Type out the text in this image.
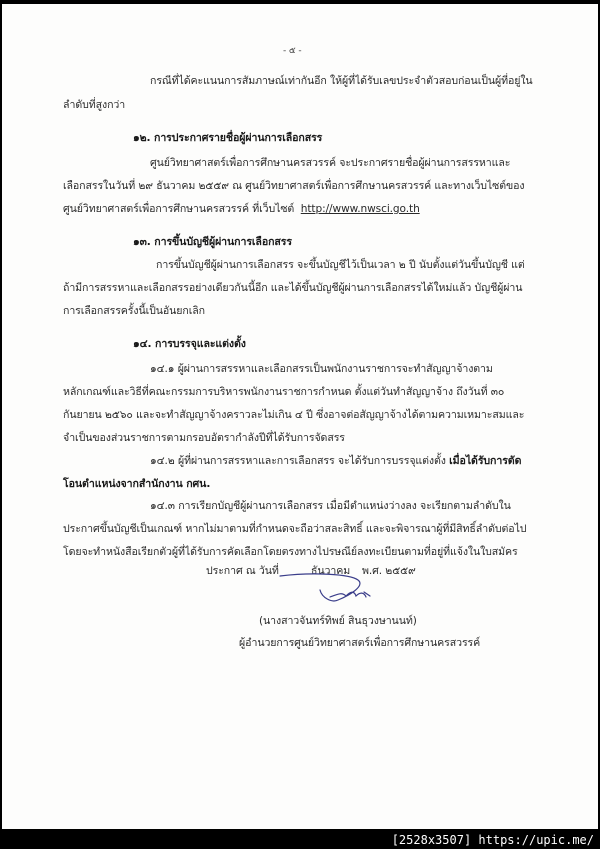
- ๕ -
กรณีที่ได้คะแนนการสัมภาษณ์เท่ากันอีก ให้ผู้ที่ได้รับเลขประจำตัวสอบก่อนเป็นผู้ที่อยู่ใน
ลำดับที่สูงกว่า
๑๒. การประกาศรายชื่อผู้ผ่านการเลือกสรร
ศูนย์วิทยาศาสตร์เพื่อการศึกษานครสวรรค์ จะประกาศรายชื่อผู้ผ่านการสรรหาและ
เลือกสรรในวันที่ ๒๙ ธันวาคม ๒๕๕๙ ณ ศูนย์วิทยาศาสตร์เพื่อการศึกษานครสวรรค์ และทางเว็บไซต์ของ
ศูนย์วิทยาศาสตร์เพื่อการศึกษานครสวรรค์ ที่เว็บไซต์ http://www.nwsci.go.th
๑๓. การขึ้นบัญชีผู้ผ่านการเลือกสรร
การขึ้นบัญชีผู้ผ่านการเลือกสรร จะขึ้นบัญชีไว้เป็นเวลา ๒ ปี นับตั้งแต่วันขึ้นบัญชี แต่
ถ้ามีการสรรหาและเลือกสรรอย่างเดียวกันนี้อีก และได้ขึ้นบัญชีผู้ผ่านการเลือกสรรได้ใหม่แล้ว บัญชีผู้ผ่าน
การเลือกสรรครั้งนี้เป็นอันยกเลิก
๑๔. การบรรจุและแต่งตั้ง
๑๔.๑ ผู้ผ่านการสรรหาและเลือกสรรเป็นพนักงานราชการจะทำสัญญาจ้างตาม
หลักเกณฑ์และวิธีที่คณะกรรมการบริหารพนักงานราชการกำหนด ตั้งแต่วันทำสัญญาจ้าง ถึงวันที่ ๓๐
กันยายน ๒๕๖๐ และจะทำสัญญาจ้างคราวละไม่เกิน ๔ ปี ซึ่งอาจต่อสัญญาจ้างได้ตามความเหมาะสมและ
จำเป็นของส่วนราชการตามกรอบอัตรากำลังปีที่ได้รับการจัดสรร
๑๔.๒ ผู้ที่ผ่านการสรรหาและการเลือกสรร จะได้รับการบรรจุแต่งตั้ง เมื่อได้รับการตัด
โอนตำแหน่งจากสำนักงาน กศน.
๑๔.๓ การเรียกบัญชีผู้ผ่านการเลือกสรร เมื่อมีตำแหน่งว่างลง จะเรียกตามลำดับใน
ประกาศขึ้นบัญชีเป็นเกณฑ์ หากไม่มาตามที่กำหนดจะถือว่าสละสิทธิ์ และจะพิจารณาผู้ที่มีสิทธิ์ลำดับต่อไป
โดยจะทำหนังสือเรียกตัวผู้ที่ได้รับการคัดเลือกโดยตรงทางไปรษณีย์ลงทะเบียนตามที่อยู่ที่แจ้งในใบสมัคร
ประกาศ ณ วันที่	ธันวาคม พ.ศ. ๒๕๕๙
(นางสาวจันทร์ทิพย์ สินธุวงษานนท์)
ผู้อำนวยการศูนย์วิทยาศาสตร์เพื่อการศึกษานครสวรรค์
[2528x3507] https://upic.me/
